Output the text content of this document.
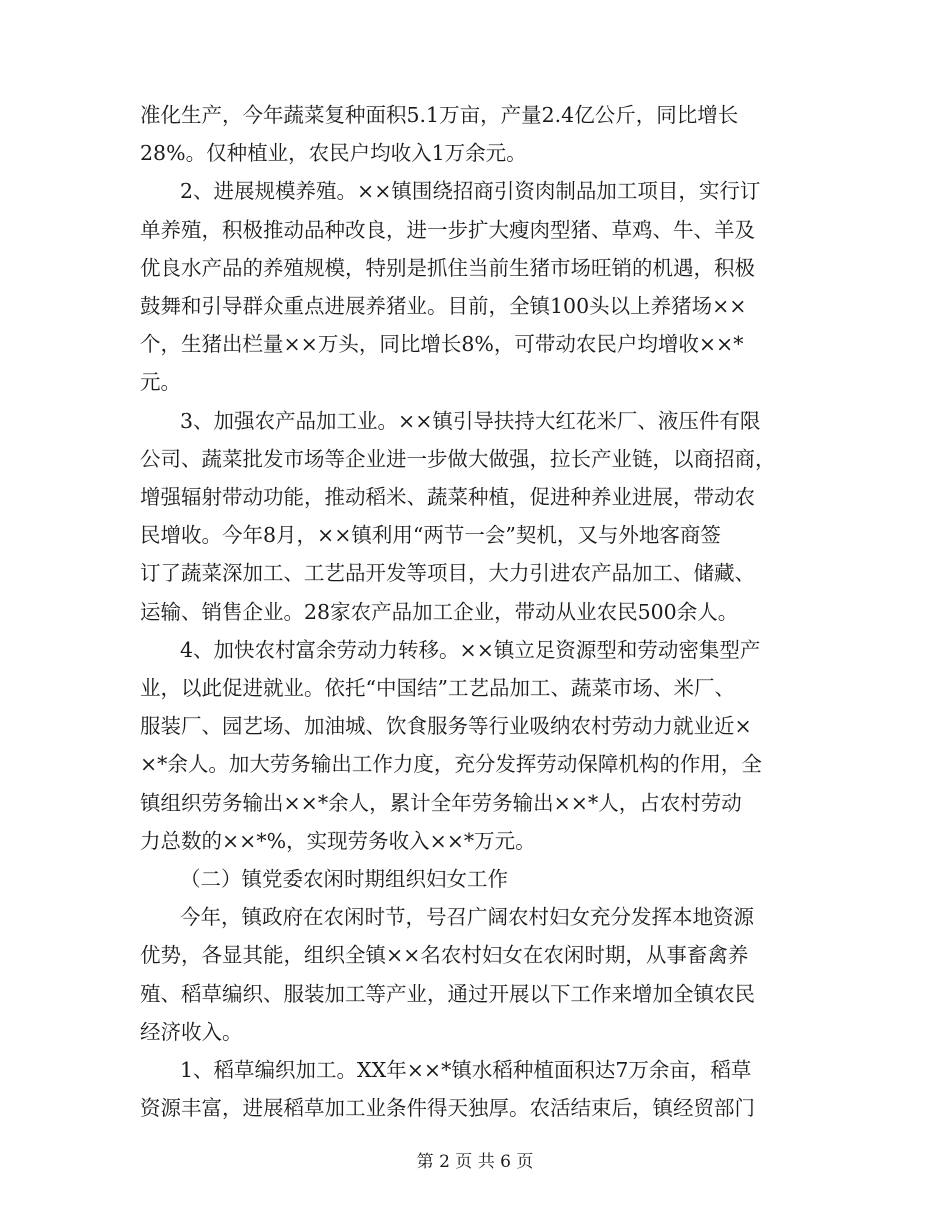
准化生产，今年蔬菜复种面积5.1万亩，产量2.4亿公斤，同比增长
28%。仅种植业，农民户均收入1万余元。
2、进展规模养殖。××镇围绕招商引资肉制品加工项目，实行订
单养殖，积极推动品种改良，进一步扩大瘦肉型猪、草鸡、牛、羊及
优良水产品的养殖规模，特别是抓住当前生猪市场旺销的机遇，积极
鼓舞和引导群众重点进展养猪业。目前，全镇100头以上养猪场××
个，生猪出栏量××万头，同比增长8%，可带动农民户均增收××*
元。
3、加强农产品加工业。××镇引导扶持大红花米厂、液压件有限
公司、蔬菜批发市场等企业进一步做大做强，拉长产业链，以商招商，
增强辐射带动功能，推动稻米、蔬菜种植，促进种养业进展，带动农
民增收。今年8月，××镇利用“两节一会”契机，又与外地客商签
订了蔬菜深加工、工艺品开发等项目，大力引进农产品加工、储藏、
运输、销售企业。28家农产品加工企业，带动从业农民500余人。
4、加快农村富余劳动力转移。××镇立足资源型和劳动密集型产
业，以此促进就业。依托“中国结”工艺品加工、蔬菜市场、米厂、
服装厂、园艺场、加油城、饮食服务等行业吸纳农村劳动力就业近×
×*余人。加大劳务输出工作力度，充分发挥劳动保障机构的作用，全
镇组织劳务输出××*余人，累计全年劳务输出××*人，占农村劳动
力总数的××*%，实现劳务收入××*万元。
（二）镇党委农闲时期组织妇女工作
今年，镇政府在农闲时节，号召广阔农村妇女充分发挥本地资源
优势，各显其能，组织全镇××名农村妇女在农闲时期，从事畜禽养
殖、稻草编织、服装加工等产业，通过开展以下工作来增加全镇农民
经济收入。
1、稻草编织加工。XX年××*镇水稻种植面积达7万余亩，稻草
资源丰富，进展稻草加工业条件得天独厚。农活结束后，镇经贸部门
第 2 页 共 6 页
